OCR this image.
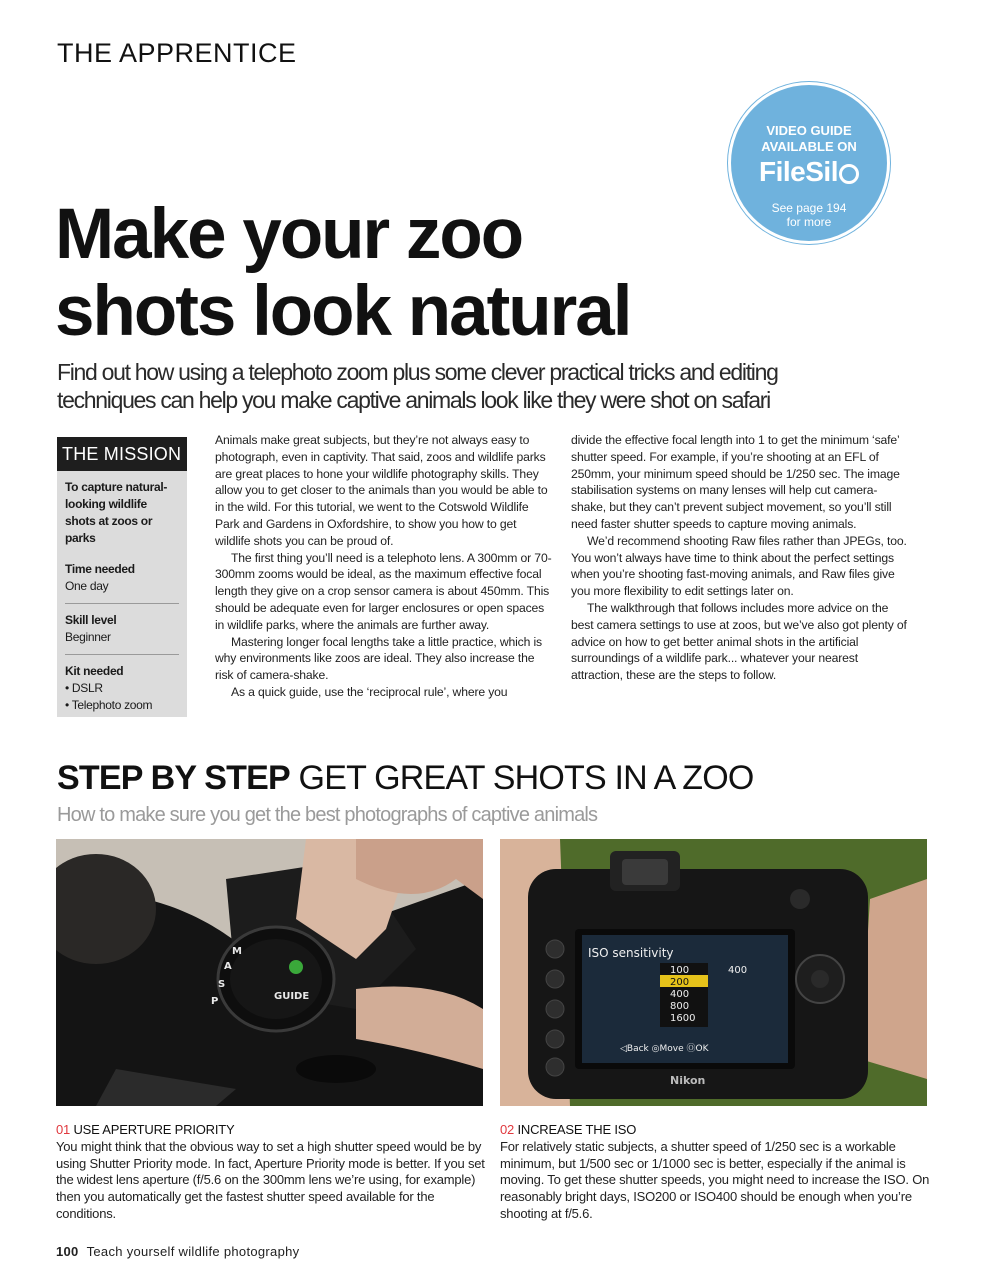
THE APPRENTICE
VIDEO GUIDE
AVAILABLE ON
FileSil
See page 194
for more
Make your zoo
shots look natural
Find out how using a telephoto zoom plus some clever practical tricks and editing
techniques can help you make captive animals look like they were shot on safari
THE MISSION
To capture natural-looking wildlife shots at zoos or parks
Time needed
One day
Skill level
Beginner
Kit needed
• DSLR
• Telephoto zoom

Animals make great subjects, but they’re not always easy to photograph, even in captivity. That said, zoos and wildlife parks are great places to hone your wildlife photography skills. They allow you to get closer to the animals than you would be able to in the wild. For this tutorial, we went to the Cotswold Wildlife Park and Gardens in Oxfordshire, to show you how to get wildlife shots you can be proud of.

The first thing you’ll need is a telephoto lens. A 300mm or 70-300mm zooms would be ideal, as the maximum effective focal length they give on a crop sensor camera is about 450mm. This should be adequate even for larger enclosures or open spaces in wildlife parks, where the animals are further away.

Mastering longer focal lengths take a little practice, which is why environments like zoos are ideal. They also increase the risk of camera-shake.

As a quick guide, use the ‘reciprocal rule’, where you

divide the effective focal length into 1 to get the minimum ‘safe’ shutter speed. For example, if you’re shooting at an EFL of 250mm, your minimum speed should be 1/250 sec. The image stabilisation systems on many lenses will help cut camera-shake, but they can’t prevent subject movement, so you’ll still need faster shutter speeds to capture moving animals.

We’d recommend shooting Raw files rather than JPEGs, too. You won’t always have time to think about the perfect settings when you’re shooting fast-moving animals, and Raw files give you more flexibility to edit settings later on.

The walkthrough that follows includes more advice on the best camera settings to use at zoos, but we’ve also got plenty of advice on how to get better animal shots in the artificial surroundings of a wildlife park... whatever your nearest attraction, these are the steps to follow.

STEP BY STEP GET GREAT SHOTS IN A ZOO
How to make sure you get the best photographs of captive animals
P
S
A
M
GUIDE
ISO sensitivity
100
200
400
800
1600
400
◁Back ◎Move ⓄOK
Nikon
01 USE APERTURE PRIORITY
You might think that the obvious way to set a high shutter speed would be by using Shutter Priority mode. In fact, Aperture Priority mode is better. If you set the widest lens aperture (f/5.6 on the 300mm lens we’re using, for example) then you automatically get the fastest shutter speed available for the conditions.
02 INCREASE THE ISO
For relatively static subjects, a shutter speed of 1/250 sec is a workable minimum, but 1/500 sec or 1/1000 sec is better, especially if the animal is moving. To get these shutter speeds, you might need to increase the ISO. On reasonably bright days, ISO200 or ISO400 should be enough when you’re shooting at f/5.6.
100 Teach yourself wildlife photography
